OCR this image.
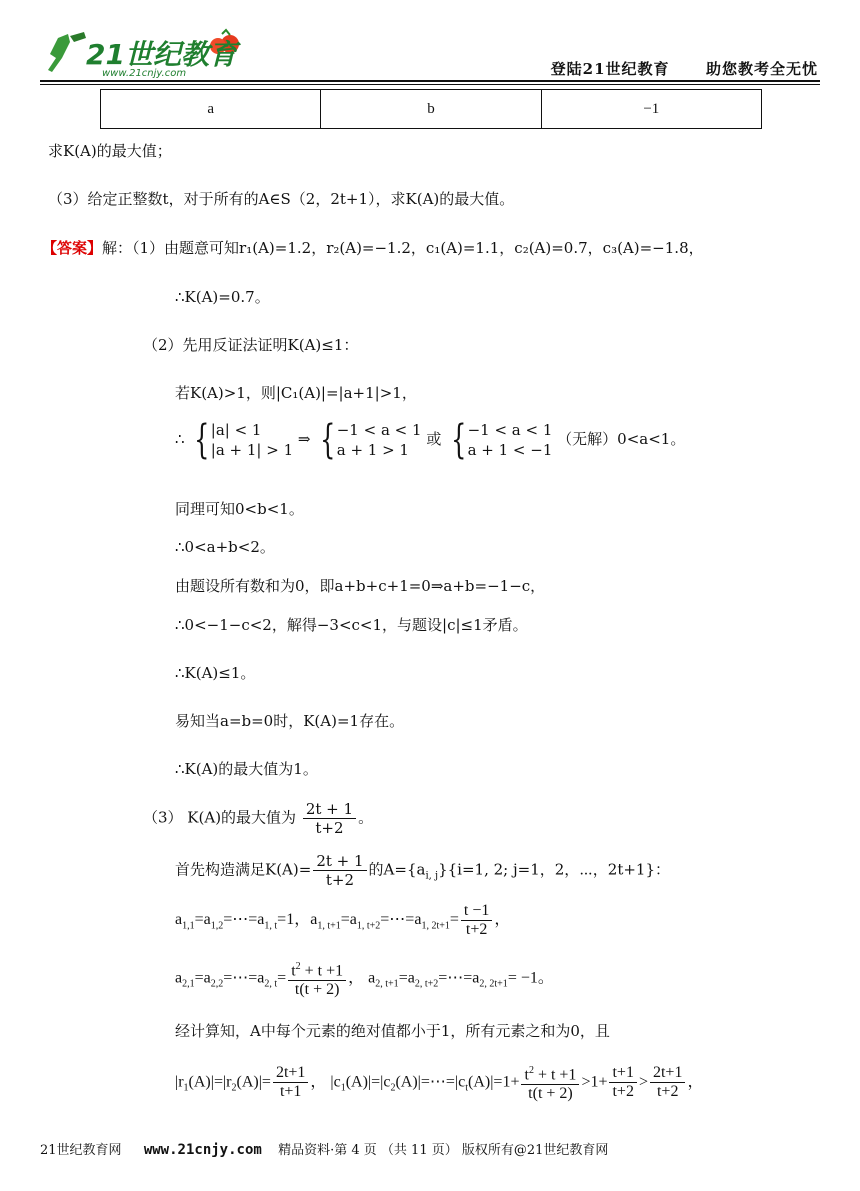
21世纪教育
www.21cnjy.com	登陆21世纪教育 助您教考全无忧
a	b	−1
求K(A)的最大值；
（3）给定正整数t，对于所有的A∈S（2，2t+1），求K(A)的最大值。
【答案】解：（1）由题意可知r₁(A)=1.2，r₂(A)=−1.2，c₁(A)=1.1，c₂(A)=0.7，c₃(A)=−1.8，
∴K(A)=0.7。
（2）先用反证法证明K(A)≤1：
若K(A)>1，则|C₁(A)|=|a+1|>1，
∴ { |a| < 1
|a + 1| > 1
⇒ { −1 < a < 1
a + 1 > 1
或 { −1 < a < 1
a + 1 < −1
（无解）0<a<1。
同理可知0<b<1。
∴0<a+b<2。
由题设所有数和为0，即a+b+c+1=0⇒a+b=−1−c，
∴0<−1−c<2，解得−3<c<1，与题设|c|≤1矛盾。
∴K(A)≤1。
易知当a=b=0时，K(A)=1存在。
∴K(A)的最大值为1。
（3） K(A)的最大值为 $\frac{2t + 1}{t+2}$ 。
首先构造满足$K(A)= \frac{2t + 1}{t+2}$ 的$A=\{a_{i, j}\}\{i=1$, 2; j=1，2，⋯，2t+1}：
$a_{1,1}=a_{1,2}=\cdots=a_{1, t}=1$，$a_{1, t+1}=a_{1, t+2}=\cdots=a_{1, 2t+1}= \frac{t -1}{t+2}$ ，
$a_{2,1}=a_{2,2}=\cdots=a_{2, t}= \frac{t^2 + t +1}{t(t + 2)}$ ， $a_{2, t+1}=a_{2, t+2}=\cdots=a_{2, 2t+1}= -1$。
经计算知，A中每个元素的绝对值都小于1，所有元素之和为0，且
$|r_1(A)|=|r_2(A)|= \frac{2t+1}{t+1}$ ， $|c_1(A)|=|c_2(A)|=\cdots=|c_t(A)|=1+ \frac{t^2 + t +1}{t(t + 2)} >1+ \frac{t+1}{t+2} > \frac{2t+1}{t+2}$ ，
21世纪教育网 www.21cnjy.com 精品资料·第 4 页 （共 11 页） 版权所有@21世纪教育网
